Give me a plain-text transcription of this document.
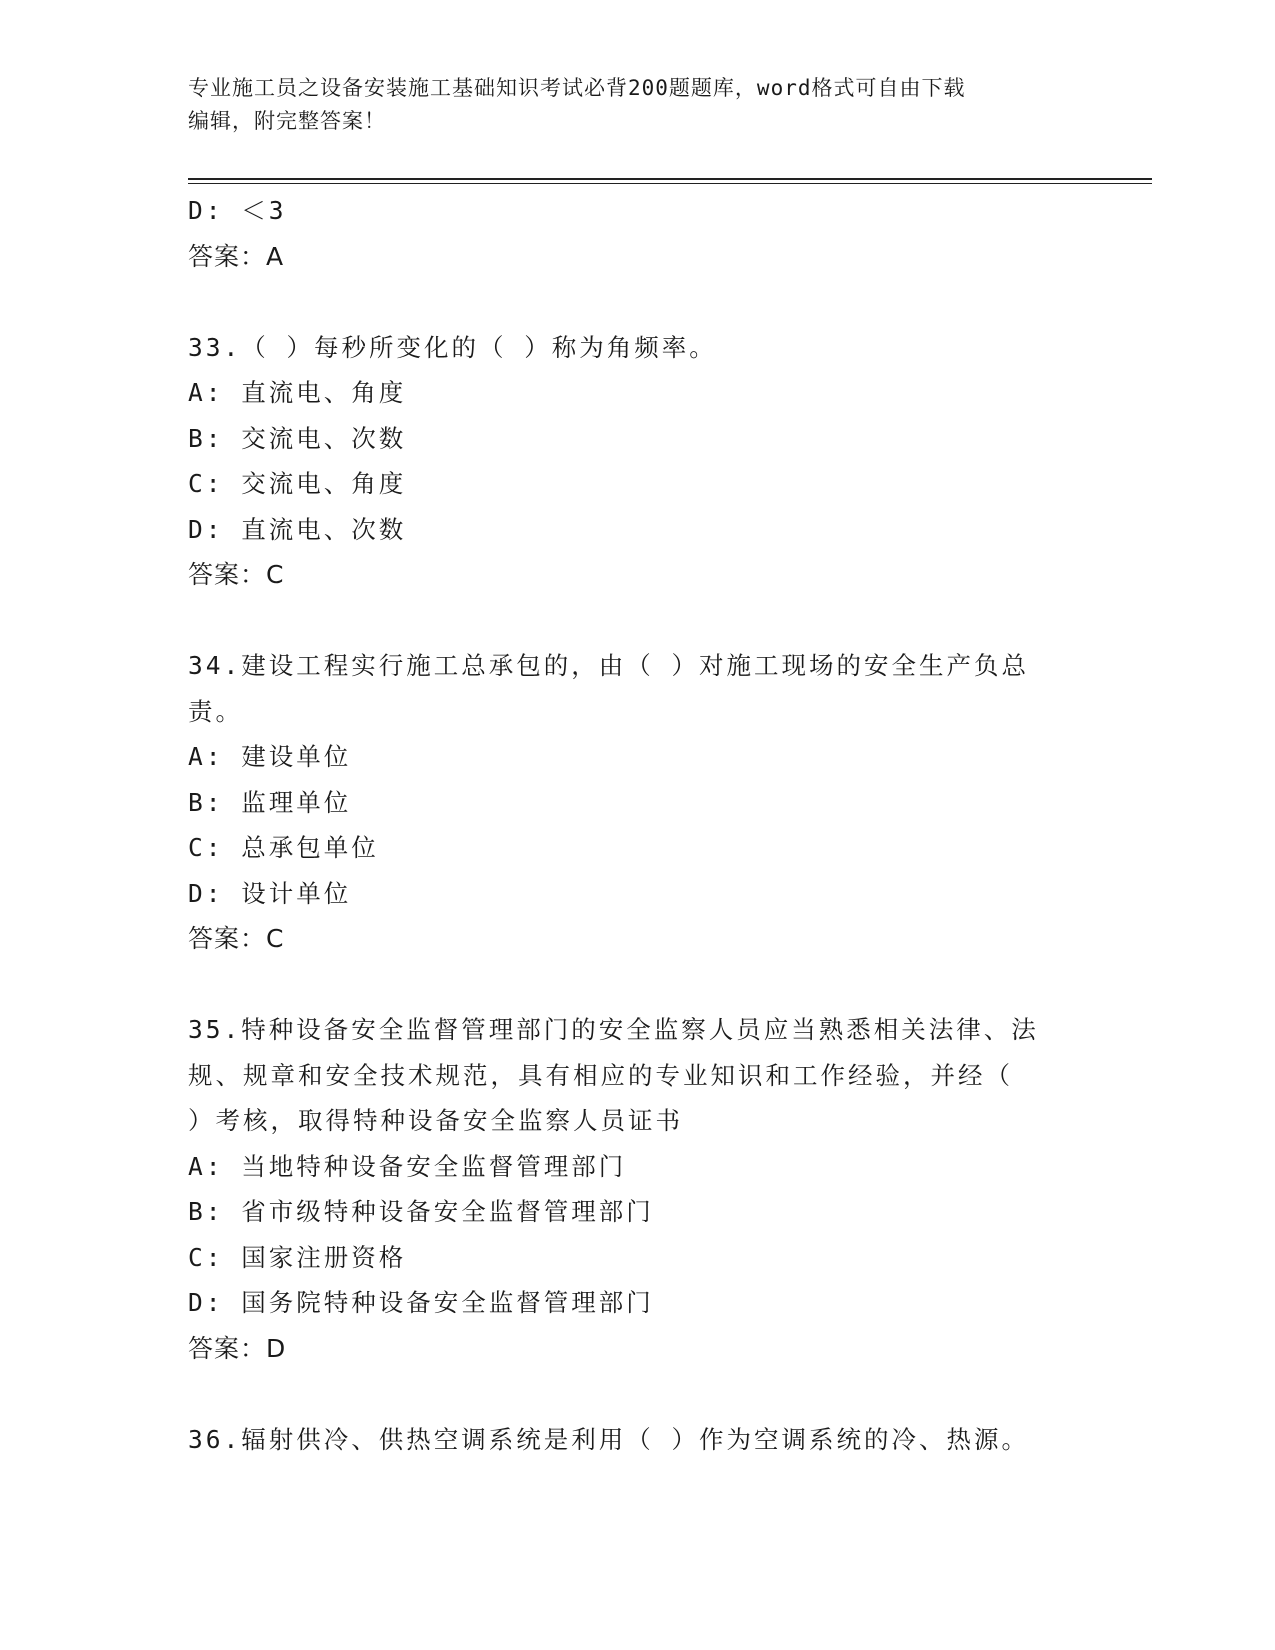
专业施工员之设备安装施工基础知识考试必背200题题库，word格式可自由下载
编辑，附完整答案！
D: ＜3
答案：A
33.（ ）每秒所变化的（ ）称为角频率。
A: 直流电、角度
B: 交流电、次数
C: 交流电、角度
D: 直流电、次数
答案：C
34.建设工程实行施工总承包的，由（ ）对施工现场的安全生产负总
责。
A: 建设单位
B: 监理单位
C: 总承包单位
D: 设计单位
答案：C
35.特种设备安全监督管理部门的安全监察人员应当熟悉相关法律、法
规、规章和安全技术规范，具有相应的专业知识和工作经验，并经（
）考核，取得特种设备安全监察人员证书
A: 当地特种设备安全监督管理部门
B: 省市级特种设备安全监督管理部门
C: 国家注册资格
D: 国务院特种设备安全监督管理部门
答案：D
36.辐射供冷、供热空调系统是利用（ ）作为空调系统的冷、热源。
